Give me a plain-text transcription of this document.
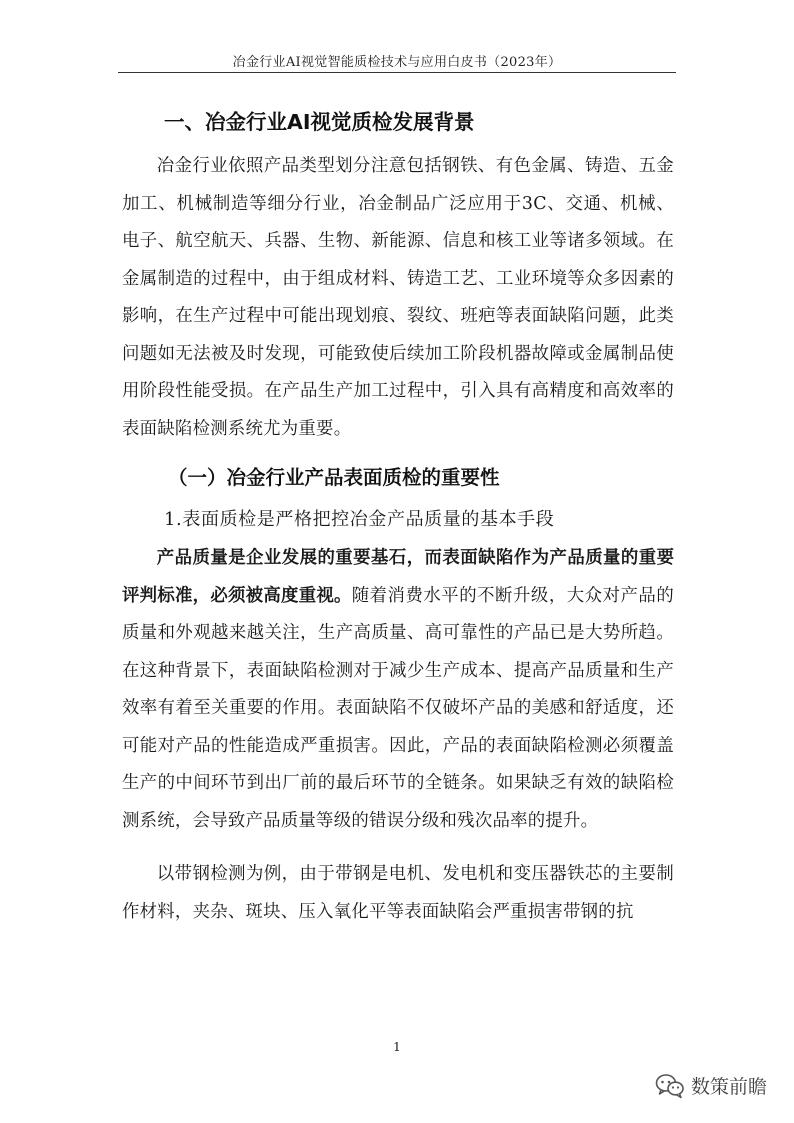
冶金行业AI视觉智能质检技术与应用白皮书（2023年）
一、冶金行业AI视觉质检发展背景

冶金行业依照产品类型划分注意包括钢铁、有色金属、铸造、五金加工、机械制造等细分行业，冶金制品广泛应用于3C、交通、机械、电子、航空航天、兵器、生物、新能源、信息和核工业等诸多领域。在金属制造的过程中，由于组成材料、铸造工艺、工业环境等众多因素的影响，在生产过程中可能出现划痕、裂纹、班疤等表面缺陷问题，此类问题如无法被及时发现，可能致使后续加工阶段机器故障或金属制品使用阶段性能受损。在产品生产加工过程中，引入具有高精度和高效率的表面缺陷检测系统尤为重要。

（一）冶金行业产品表面质检的重要性
1.表面质检是严格把控冶金产品质量的基本手段

产品质量是企业发展的重要基石，而表面缺陷作为产品质量的重要评判标准，必须被高度重视。随着消费水平的不断升级，大众对产品的质量和外观越来越关注，生产高质量、高可靠性的产品已是大势所趋。在这种背景下，表面缺陷检测对于减少生产成本、提高产品质量和生产效率有着至关重要的作用。表面缺陷不仅破坏产品的美感和舒适度，还可能对产品的性能造成严重损害。因此，产品的表面缺陷检测必须覆盖生产的中间环节到出厂前的最后环节的全链条。如果缺乏有效的缺陷检测系统，会导致产品质量等级的错误分级和残次品率的提升。

以带钢检测为例，由于带钢是电机、发电机和变压器铁芯的主要制作材料，夹杂、斑块、压入氧化平等表面缺陷会严重损害带钢的抗

1
数策前瞻
